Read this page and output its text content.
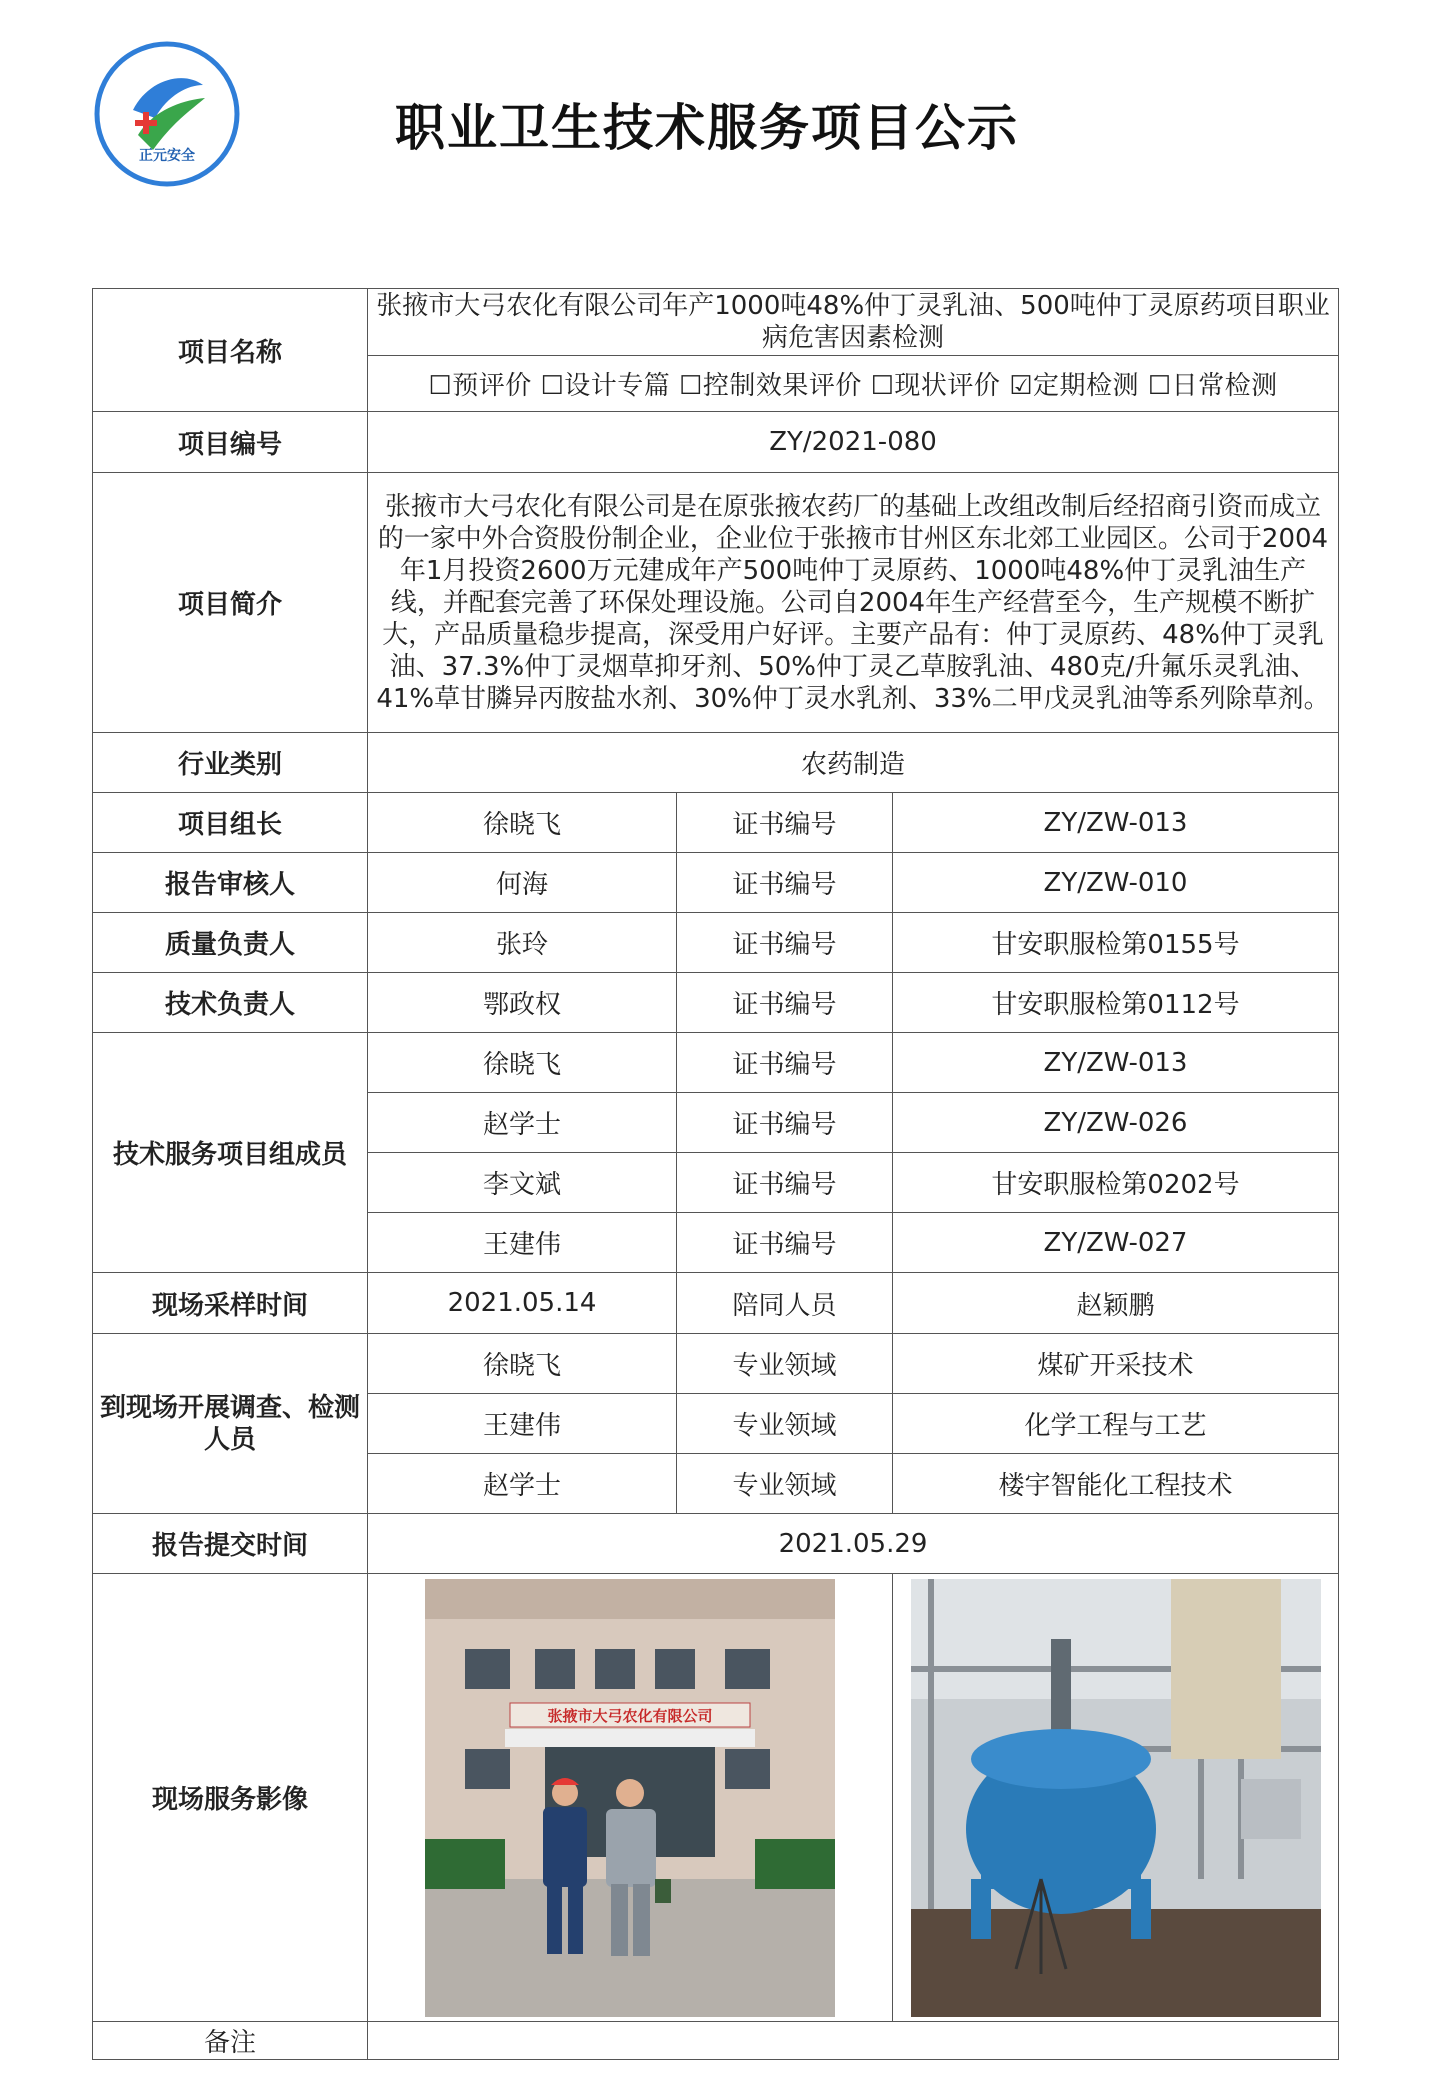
正元安全	职业卫生技术服务项目公示
项目名称	张掖市大弓农化有限公司年产1000吨48%仲丁灵乳油、500吨仲丁灵原药项目职业病危害因素检测		
	☐预评价 ☐设计专篇 ☐控制效果评价 ☐现状评价 ☑定期检测 ☐日常检测		
项目编号	ZY/2021-080		
项目简介	张掖市大弓农化有限公司是在原张掖农药厂的基础上改组改制后经招商引资而成立的一家中外合资股份制企业，企业位于张掖市甘州区东北郊工业园区。公司于2004年1月投资2600万元建成年产500吨仲丁灵原药、1000吨48%仲丁灵乳油生产线，并配套完善了环保处理设施。公司自2004年生产经营至今，生产规模不断扩大，产品质量稳步提高，深受用户好评。主要产品有：仲丁灵原药、48%仲丁灵乳油、37.3%仲丁灵烟草抑牙剂、50%仲丁灵乙草胺乳油、480克/升氟乐灵乳油、41%草甘膦异丙胺盐水剂、30%仲丁灵水乳剂、33%二甲戊灵乳油等系列除草剂。		
行业类别	农药制造		
项目组长	徐晓飞	证书编号	ZY/ZW-013
报告审核人	何海	证书编号	ZY/ZW-010
质量负责人	张玲	证书编号	甘安职服检第0155号
技术负责人	鄂政权	证书编号	甘安职服检第0112号
技术服务项目组成员	徐晓飞	证书编号	ZY/ZW-013
	赵学士	证书编号	ZY/ZW-026
	李文斌	证书编号	甘安职服检第0202号
	王建伟	证书编号	ZY/ZW-027
现场采样时间	2021.05.14	陪同人员	赵颖鹏
到现场开展调查、检测人员	徐晓飞	专业领域	煤矿开采技术
	王建伟	专业领域	化学工程与工艺
	赵学士	专业领域	楼宇智能化工程技术
报告提交时间	2021.05.29		
现场服务影像	张掖市大弓农化有限公司

备注			
